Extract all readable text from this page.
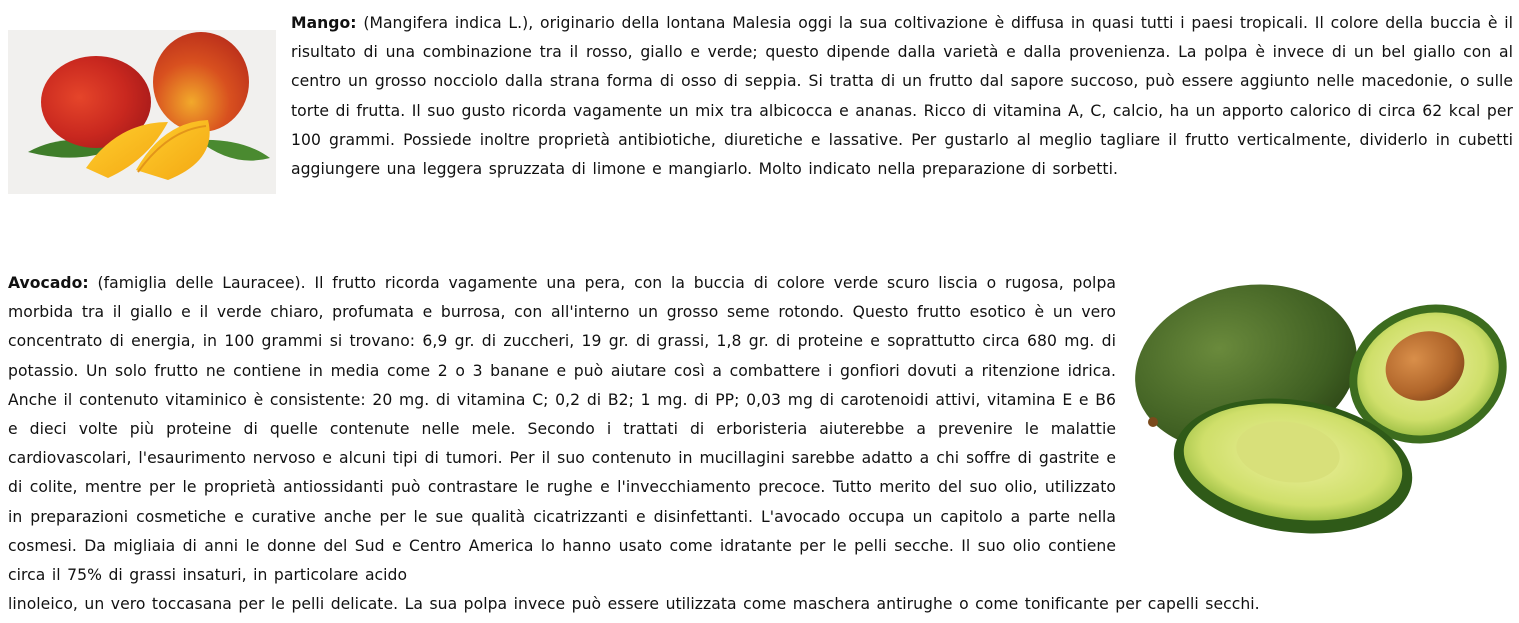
Mango: (Mangifera indica L.), originario della lontana Malesia oggi la sua coltivazione è diffusa in quasi tutti i paesi tropicali. Il colore della buccia è il risultato di una combinazione tra il rosso, giallo e verde; questo dipende dalla varietà e dalla provenienza. La polpa è invece di un bel giallo con al centro un grosso nocciolo dalla strana forma di osso di seppia. Si tratta di un frutto dal sapore succoso, può essere aggiunto nelle macedonie, o sulle torte di frutta. Il suo gusto ricorda vagamente un mix tra albicocca e ananas. Ricco di vitamina A, C, calcio, ha un apporto calorico di circa 62 kcal per 100 grammi. Possiede inoltre proprietà antibiotiche, diuretiche e lassative. Per gustarlo al meglio tagliare il frutto verticalmente, dividerlo in cubetti aggiungere una leggera spruzzata di limone e mangiarlo. Molto indicato nella preparazione di sorbetti.
Avocado: (famiglia delle Lauracee). Il frutto ricorda vagamente una pera, con la buccia di colore verde scuro liscia o rugosa, polpa morbida tra il giallo e il verde chiaro, profumata e burrosa, con all'interno un grosso seme rotondo. Questo frutto esotico è un vero concentrato di energia, in 100 grammi si trovano: 6,9 gr. di zuccheri, 19 gr. di grassi, 1,8 gr. di proteine e soprattutto circa 680 mg. di potassio. Un solo frutto ne contiene in media come 2 o 3 banane e può aiutare così a combattere i gonfiori dovuti a ritenzione idrica. Anche il contenuto vitaminico è consistente: 20 mg. di vitamina C; 0,2 di B2; 1 mg. di PP; 0,03 mg di carotenoidi attivi, vitamina E e B6 e dieci volte più proteine di quelle contenute nelle mele. Secondo i trattati di erboristeria aiuterebbe a prevenire le malattie cardiovascolari, l'esaurimento nervoso e alcuni tipi di tumori. Per il suo contenuto in mucillagini sarebbe adatto a chi soffre di gastrite e di colite, mentre per le proprietà antiossidanti può contrastare le rughe e l'invecchiamento precoce. Tutto merito del suo olio, utilizzato in preparazioni cosmetiche e curative anche per le sue qualità cicatrizzanti e disinfettanti. L'avocado occupa un capitolo a parte nella cosmesi. Da migliaia di anni le donne del Sud e Centro America lo hanno usato come idratante per le pelli secche. Il suo olio contiene circa il 75% di grassi insaturi, in particolare acido
linoleico, un vero toccasana per le pelli delicate. La sua polpa invece può essere utilizzata come maschera antirughe o come tonificante per capelli secchi.
